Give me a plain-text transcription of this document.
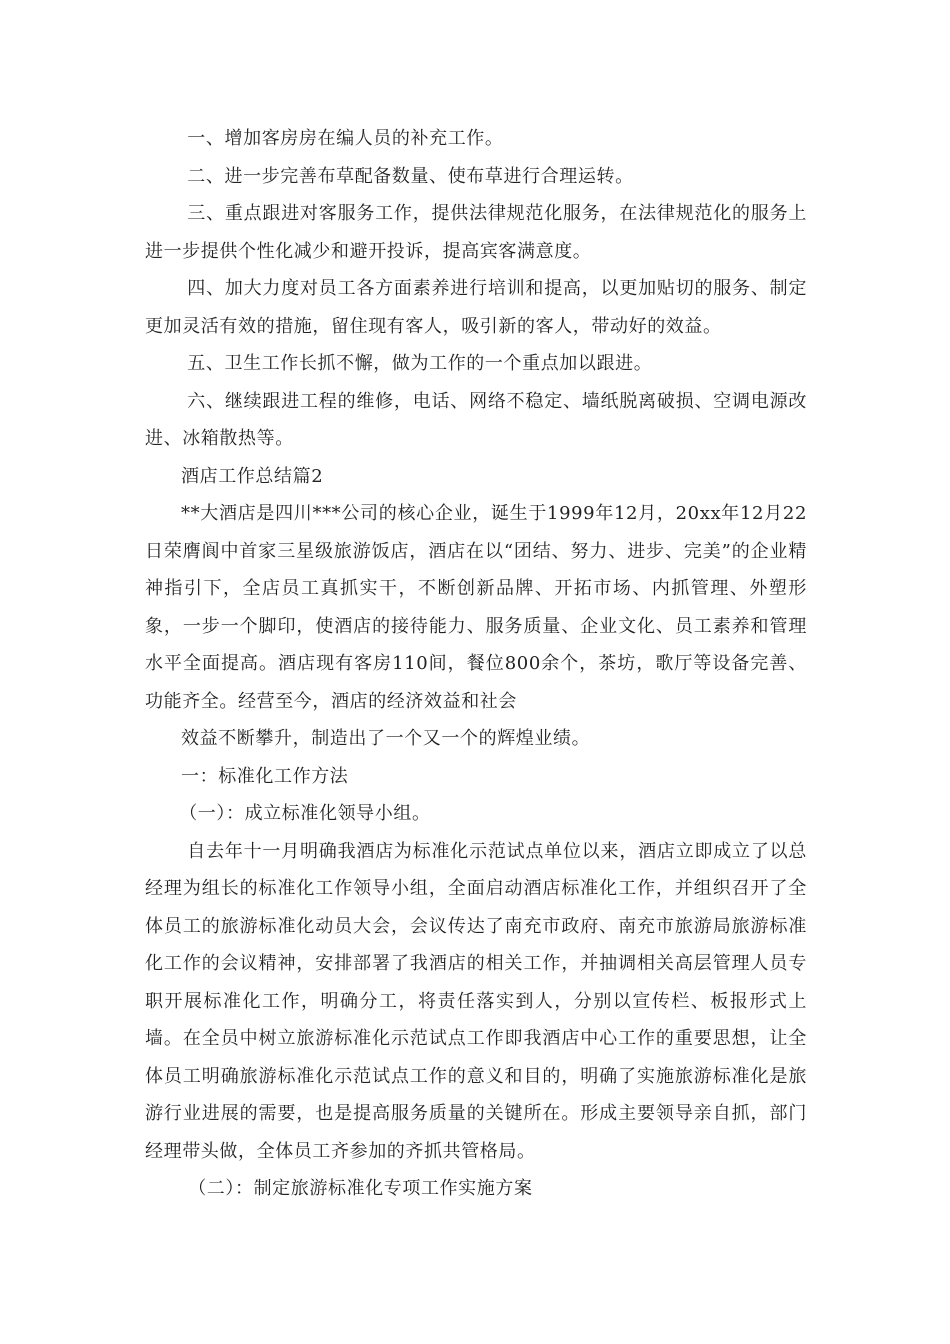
一、增加客房房在编人员的补充工作。

二、进一步完善布草配备数量、使布草进行合理运转。

三、重点跟进对客服务工作，提供法律规范化服务，在法律规范化的服务上进一步提供个性化减少和避开投诉，提高宾客满意度。

四、加大力度对员工各方面素养进行培训和提高，以更加贴切的服务、制定更加灵活有效的措施，留住现有客人，吸引新的客人，带动好的效益。

五、卫生工作长抓不懈，做为工作的一个重点加以跟进。

六、继续跟进工程的维修，电话、网络不稳定、墙纸脱离破损、空调电源改进、冰箱散热等。

酒店工作总结篇2

**大酒店是四川***公司的核心企业，诞生于1999年12月，20xx年12月22日荣膺阆中首家三星级旅游饭店，酒店在以“团结、努力、进步、完美”的企业精神指引下，全店员工真抓实干，不断创新品牌、开拓市场、内抓管理、外塑形象，一步一个脚印，使酒店的接待能力、服务质量、企业文化、员工素养和管理水平全面提高。酒店现有客房110间，餐位800余个，茶坊，歌厅等设备完善、功能齐全。经营至今，酒店的经济效益和社会

效益不断攀升，制造出了一个又一个的辉煌业绩。

一：标准化工作方法

（一）：成立标准化领导小组。

自去年十一月明确我酒店为标准化示范试点单位以来，酒店立即成立了以总经理为组长的标准化工作领导小组，全面启动酒店标准化工作，并组织召开了全体员工的旅游标准化动员大会，会议传达了南充市政府、南充市旅游局旅游标准化工作的会议精神，安排部署了我酒店的相关工作，并抽调相关高层管理人员专职开展标准化工作，明确分工，将责任落实到人，分别以宣传栏、板报形式上墙。在全员中树立旅游标准化示范试点工作即我酒店中心工作的重要思想，让全体员工明确旅游标准化示范试点工作的意义和目的，明确了实施旅游标准化是旅游行业进展的需要，也是提高服务质量的关键所在。形成主要领导亲自抓，部门经理带头做，全体员工齐参加的齐抓共管格局。

（二）：制定旅游标准化专项工作实施方案
